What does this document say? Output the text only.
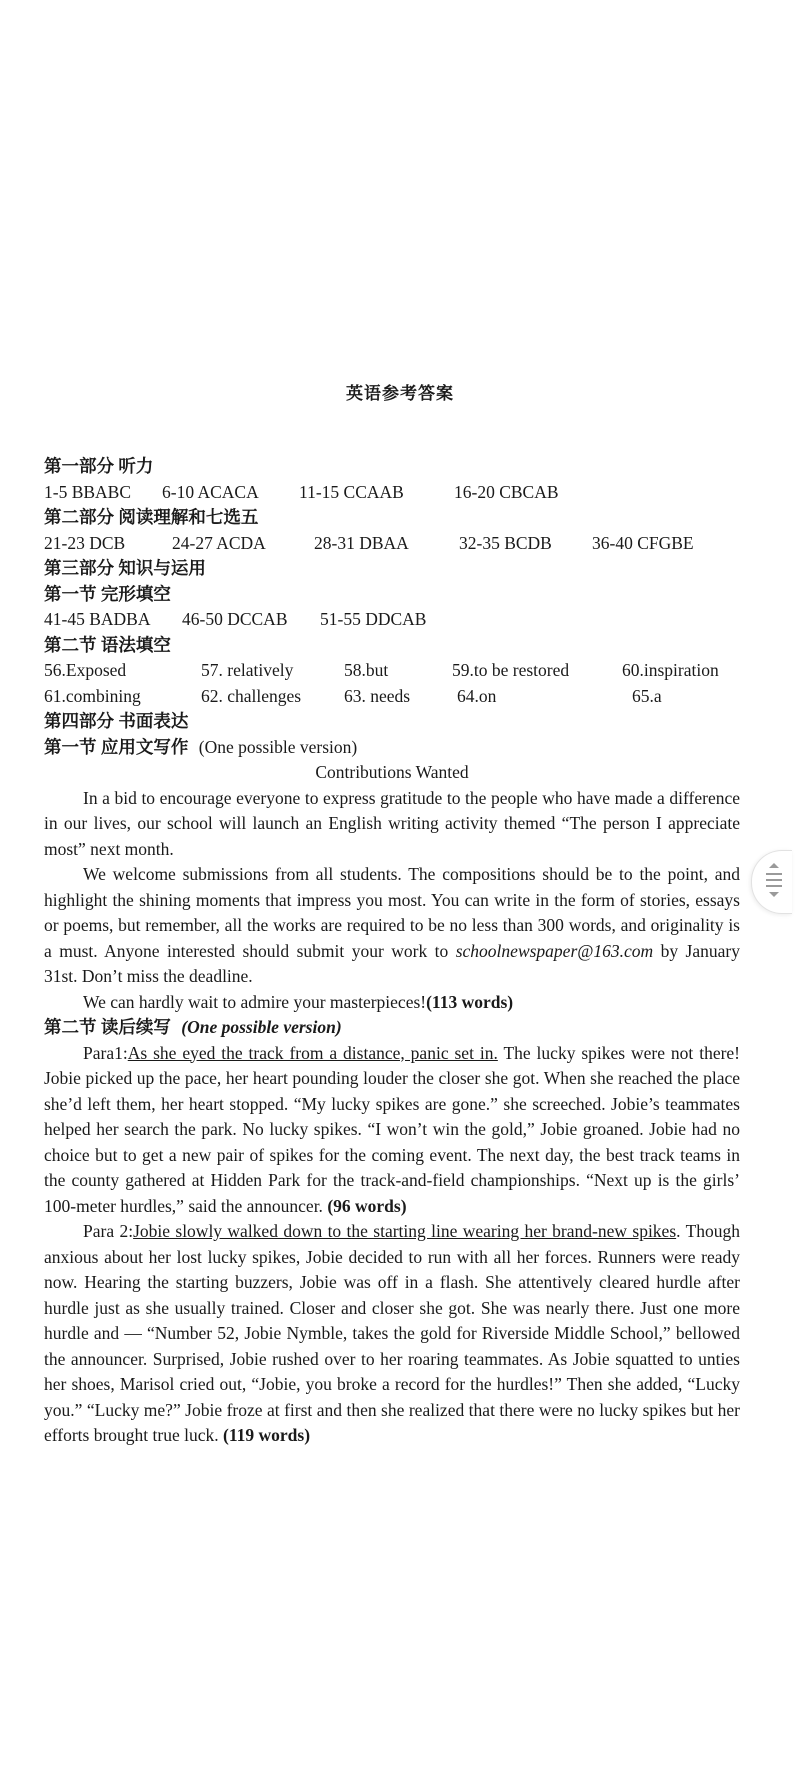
英语参考答案
第一部分 听力
1-5 BBABC 6-10 ACACA 11-15 CCAAB	16-20 CBCAB
第二部分 阅读理解和七选五
21-23 DCB	24-27 ACDA	28-31 DBAA	32-35 BCDB 36-40 CFGBE
第三部分 知识与运用
第一节 完形填空
41-45 BADBA 46-50 DCCAB 51-55 DDCAB
第二节 语法填空
56.Exposed	57. relatively	58.but	59.to be restored	60.inspiration
61.combining	62. challenges 63. needs	64.on	65.a
第四部分 书面表达
第一节 应用文写作 (One possible version)
Contributions Wanted

In a bid to encourage everyone to express gratitude to the people who have made a difference in our lives, our school will launch an English writing activity themed “The person I appreciate most” next month.

We welcome submissions from all students. The compositions should be to the point, and highlight the shining moments that impress you most. You can write in the form of stories, essays or poems, but remember, all the works are required to be no less than 300 words, and originality is a must. Anyone interested should submit your work to schoolnewspaper@163.com by January 31st. Don’t miss the deadline.

We can hardly wait to admire your masterpieces!(113 words)

第二节 读后续写 (One possible version)

Para1:As she eyed the track from a distance, panic set in. The lucky spikes were not there! Jobie picked up the pace, her heart pounding louder the closer she got. When she reached the place she’d left them, her heart stopped. “My lucky spikes are gone.” she screeched. Jobie’s teammates helped her search the park. No lucky spikes. “I won’t win the gold,” Jobie groaned. Jobie had no choice but to get a new pair of spikes for the coming event. The next day, the best track teams in the county gathered at Hidden Park for the track-and-field championships. “Next up is the girls’ 100-meter hurdles,” said the announcer. (96 words)

Para 2:Jobie slowly walked down to the starting line wearing her brand-new spikes. Though anxious about her lost lucky spikes, Jobie decided to run with all her forces. Runners were ready now. Hearing the starting buzzers, Jobie was off in a flash. She attentively cleared hurdle after hurdle just as she usually trained. Closer and closer she got. She was nearly there. Just one more hurdle and — “Number 52, Jobie Nymble, takes the gold for Riverside Middle School,” bellowed the announcer. Surprised, Jobie rushed over to her roaring teammates. As Jobie squatted to unties her shoes, Marisol cried out, “Jobie, you broke a record for the hurdles!” Then she added, “Lucky you.” “Lucky me?” Jobie froze at first and then she realized that there were no lucky spikes but her efforts brought true luck. (119 words)
